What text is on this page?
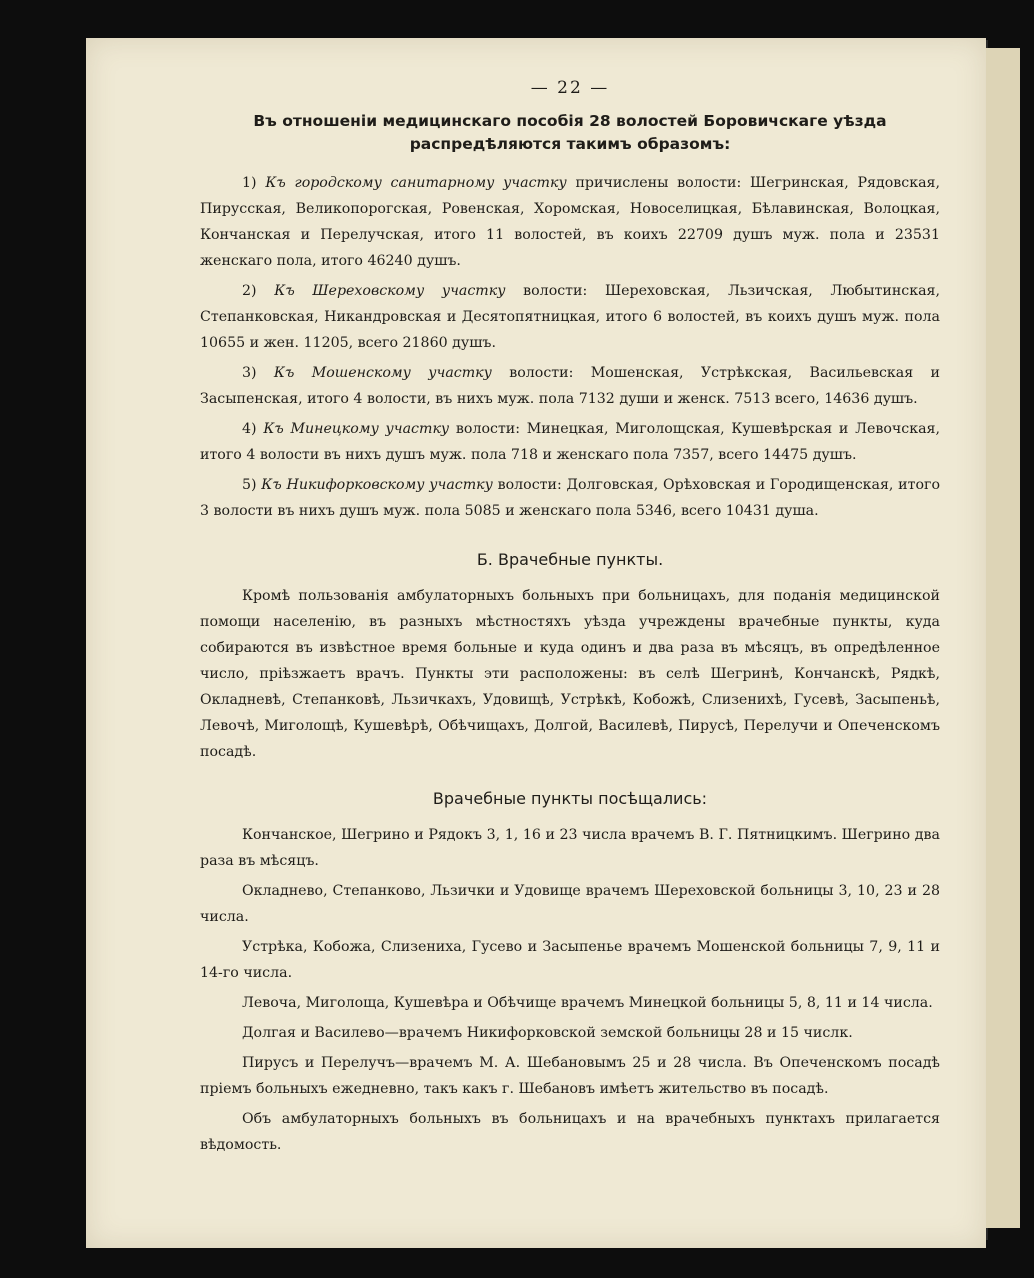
— 22 —
Въ отношеніи медицинскаго пособія 28 волостей Боровичскаге уѣзда распредѣляются такимъ образомъ:

1) Къ городскому санитарному участку причислены волости: Шегринская, Рядовская, Пирусская, Великопорогская, Ровенская, Хоромская, Новоселицкая, Бѣлавинская, Волоцкая, Кончанская и Перелучская, итого 11 волостей, въ коихъ 22709 душъ муж. пола и 23531 женскаго пола, итого 46240 душъ.

2) Къ Шереховскому участку волости: Шереховская, Льзичская, Любытинская, Степанковская, Никандровская и Десятопятницкая, итого 6 волостей, въ коихъ душъ муж. пола 10655 и жен. 11205, всего 21860 душъ.

3) Къ Мошенскому участку волости: Мошенская, Устрѣкская, Васильевская и Засыпенская, итого 4 волости, въ нихъ муж. пола 7132 души и женск. 7513 всего, 14636 душъ.

4) Къ Минецкому участку волости: Минецкая, Миголощская, Кушевѣрская и Левочская, итого 4 волости въ нихъ душъ муж. пола 718 и женскаго пола 7357, всего 14475 душъ.

5) Къ Никифорковскому участку волости: Долговская, Орѣховская и Городищенская, итого 3 волости въ нихъ душъ муж. пола 5085 и женскаго пола 5346, всего 10431 душа.

Б. Врачебные пункты.

Кромѣ пользованія амбулаторныхъ больныхъ при больницахъ, для поданія медицинской помощи населенію, въ разныхъ мѣстностяхъ уѣзда учреждены врачебные пункты, куда собираются въ извѣстное время больные и куда одинъ и два раза въ мѣсяцъ, въ опредѣленное число, пріѣзжаетъ врачъ. Пункты эти расположены: въ селѣ Шегринѣ, Кончанскѣ, Рядкѣ, Окладневѣ, Степанковѣ, Льзичкахъ, Удовищѣ, Устрѣкѣ, Кобожѣ, Слизенихѣ, Гусевѣ, Засыпеньѣ, Левочѣ, Миголощѣ, Кушевѣрѣ, Обѣчищахъ, Долгой, Василевѣ, Пирусѣ, Перелучи и Опеченскомъ посадѣ.

Врачебные пункты посѣщались:

Кончанское, Шегрино и Рядокъ 3, 1, 16 и 23 числа врачемъ В. Г. Пятницкимъ. Шегрино два раза въ мѣсяцъ.

Окладнево, Степанково, Льзички и Удовище врачемъ Шереховской больницы 3, 10, 23 и 28 числа.

Устрѣка, Кобожа, Слизениха, Гусево и Засыпенье врачемъ Мошенской больницы 7, 9, 11 и 14-го числа.

Левоча, Миголоща, Кушевѣра и Обѣчище врачемъ Минецкой больницы 5, 8, 11 и 14 числа.

Долгая и Василево—врачемъ Никифорковской земской больницы 28 и 15 числк.

Пирусъ и Перелучъ—врачемъ М. А. Шебановымъ 25 и 28 числа. Въ Опеченскомъ посадѣ пріемъ больныхъ ежедневно, такъ какъ г. Шебановъ имѣетъ жительство въ посадѣ.

Объ амбулаторныхъ больныхъ въ больницахъ и на врачебныхъ пунктахъ прилагается вѣдомость.
